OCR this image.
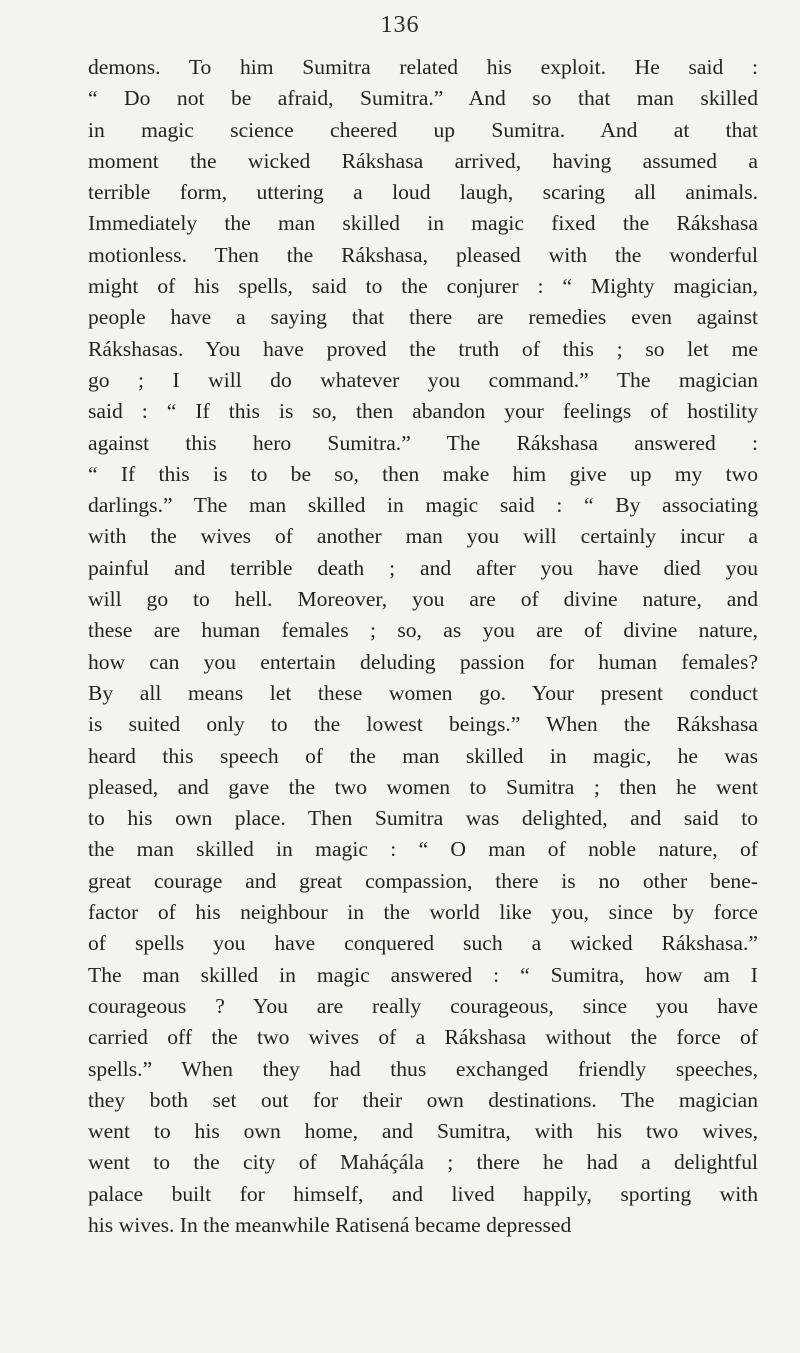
136
demons. To him Sumitra related his exploit. He said :
“ Do not be afraid, Sumitra.” And so that man skilled
in magic science cheered up Sumitra. And at that
moment the wicked Rákshasa arrived, having assumed a
terrible form, uttering a loud laugh, scaring all animals.
Immediately the man skilled in magic fixed the Rákshasa
motionless. Then the Rákshasa, pleased with the wonderful
might of his spells, said to the conjurer : “ Mighty magician,
people have a saying that there are remedies even against
Rákshasas. You have proved the truth of this ; so let me
go ; I will do whatever you command.” The magician
said : “ If this is so, then abandon your feelings of hostility
against this hero Sumitra.” The Rákshasa answered :
“ If this is to be so, then make him give up my two
darlings.” The man skilled in magic said : “ By associating
with the wives of another man you will certainly incur a
painful and terrible death ; and after you have died you
will go to hell. Moreover, you are of divine nature, and
these are human females ; so, as you are of divine nature,
how can you entertain deluding passion for human females?
By all means let these women go. Your present conduct
is suited only to the lowest beings.” When the Rákshasa
heard this speech of the man skilled in magic, he was
pleased, and gave the two women to Sumitra ; then he went
to his own place. Then Sumitra was delighted, and said to
the man skilled in magic : “ O man of noble nature, of
great courage and great compassion, there is no other bene-
factor of his neighbour in the world like you, since by force
of spells you have conquered such a wicked Rákshasa.”
The man skilled in magic answered : “ Sumitra, how am I
courageous ? You are really courageous, since you have
carried off the two wives of a Rákshasa without the force of
spells.” When they had thus exchanged friendly speeches,
they both set out for their own destinations. The magician
went to his own home, and Sumitra, with his two wives,
went to the city of Maháçála ; there he had a delightful
palace built for himself, and lived happily, sporting with
his wives. In the meanwhile Ratisená became depressed
